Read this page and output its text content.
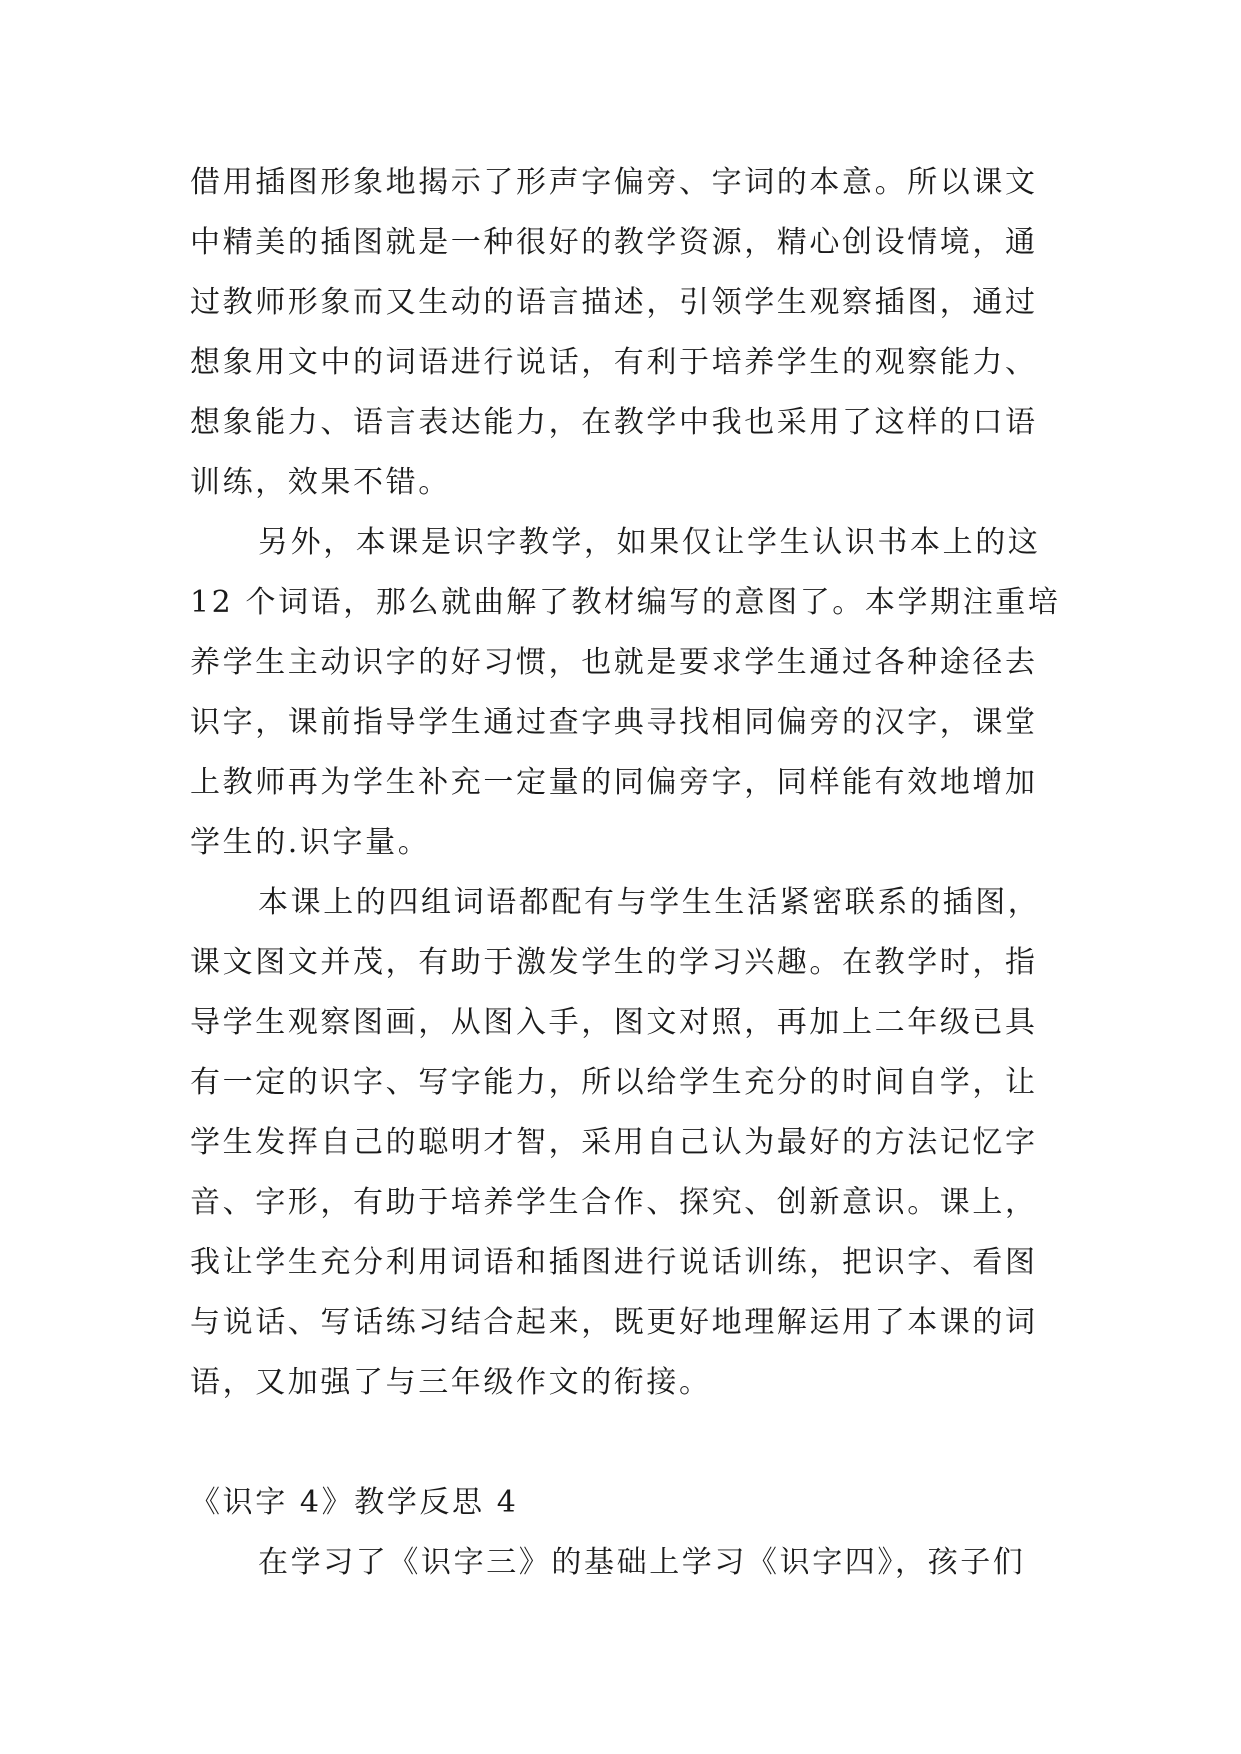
借用插图形象地揭示了形声字偏旁、字词的本意。所以课文
中精美的插图就是一种很好的教学资源，精心创设情境，通
过教师形象而又生动的语言描述，引领学生观察插图，通过
想象用文中的词语进行说话，有利于培养学生的观察能力、
想象能力、语言表达能力，在教学中我也采用了这样的口语
训练，效果不错。
另外，本课是识字教学，如果仅让学生认识书本上的这
12 个词语，那么就曲解了教材编写的意图了。本学期注重培
养学生主动识字的好习惯，也就是要求学生通过各种途径去
识字，课前指导学生通过查字典寻找相同偏旁的汉字，课堂
上教师再为学生补充一定量的同偏旁字，同样能有效地增加
学生的.识字量。
本课上的四组词语都配有与学生生活紧密联系的插图，
课文图文并茂，有助于激发学生的学习兴趣。在教学时，指
导学生观察图画，从图入手，图文对照，再加上二年级已具
有一定的识字、写字能力，所以给学生充分的时间自学，让
学生发挥自己的聪明才智，采用自己认为最好的方法记忆字
音、字形，有助于培养学生合作、探究、创新意识。课上，
我让学生充分利用词语和插图进行说话训练，把识字、看图
与说话、写话练习结合起来，既更好地理解运用了本课的词
语，又加强了与三年级作文的衔接。
《识字 4》教学反思 4
在学习了《识字三》的基础上学习《识字四》，孩子们
